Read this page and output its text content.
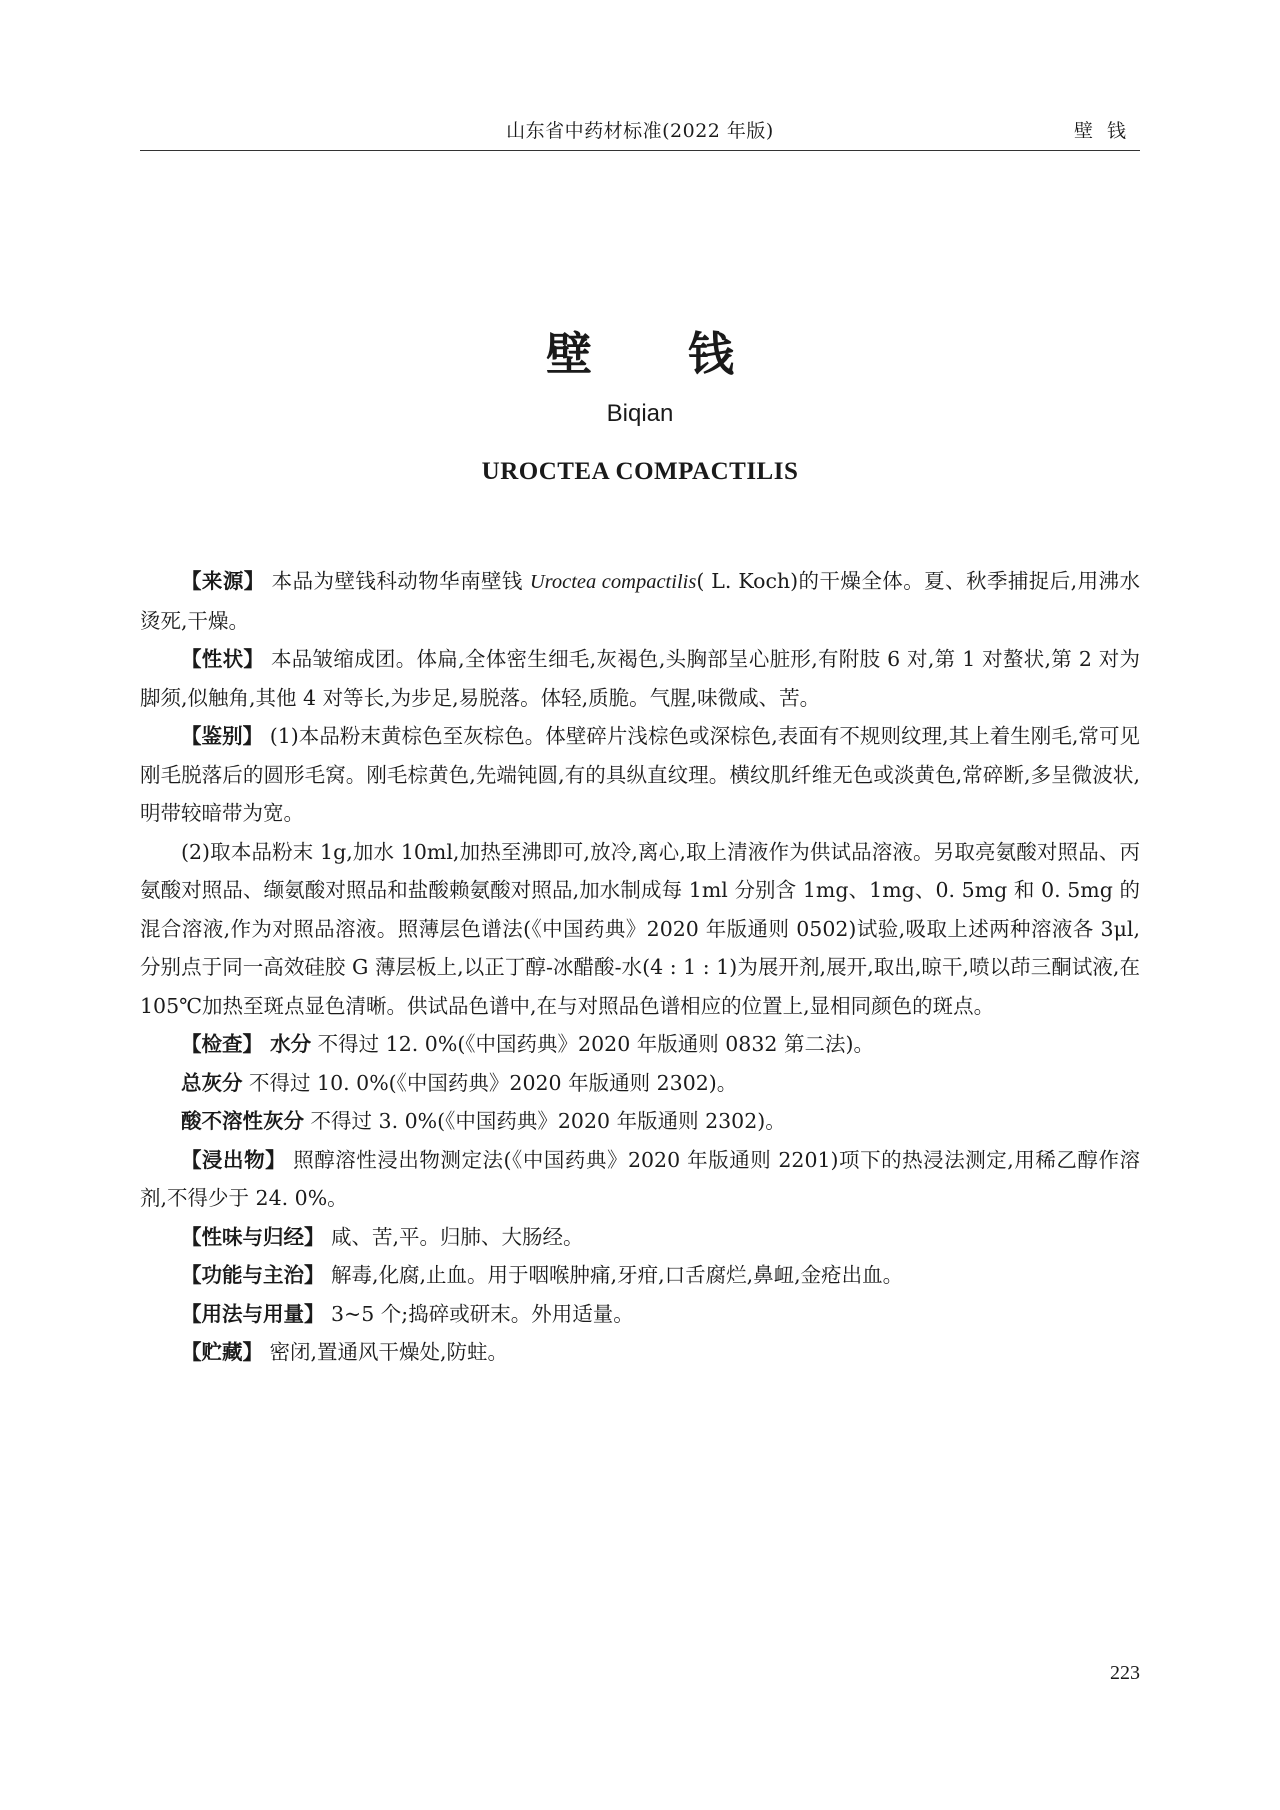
山东省中药材标准(2022 年版)	壁钱
壁 钱
Biqian
UROCTEA COMPACTILIS

【来源】 本品为壁钱科动物华南壁钱 Uroctea compactilis( L. Koch)的干燥全体。夏、秋季捕捉后,用沸水烫死,干燥。

【性状】 本品皱缩成团。体扁,全体密生细毛,灰褐色,头胸部呈心脏形,有附肢 6 对,第 1 对螯状,第 2 对为脚须,似触角,其他 4 对等长,为步足,易脱落。体轻,质脆。气腥,味微咸、苦。

【鉴别】 (1)本品粉末黄棕色至灰棕色。体壁碎片浅棕色或深棕色,表面有不规则纹理,其上着生刚毛,常可见刚毛脱落后的圆形毛窝。刚毛棕黄色,先端钝圆,有的具纵直纹理。横纹肌纤维无色或淡黄色,常碎断,多呈微波状,明带较暗带为宽。

(2)取本品粉末 1g,加水 10ml,加热至沸即可,放冷,离心,取上清液作为供试品溶液。另取亮氨酸对照品、丙氨酸对照品、缬氨酸对照品和盐酸赖氨酸对照品,加水制成每 1ml 分别含 1mg、1mg、0. 5mg 和 0. 5mg 的混合溶液,作为对照品溶液。照薄层色谱法(《中国药典》2020 年版通则 0502)试验,吸取上述两种溶液各 3μl,分别点于同一高效硅胶 G 薄层板上,以正丁醇-冰醋酸-水(4 : 1 : 1)为展开剂,展开,取出,晾干,喷以茚三酮试液,在 105℃加热至斑点显色清晰。供试品色谱中,在与对照品色谱相应的位置上,显相同颜色的斑点。

【检查】 水分 不得过 12. 0%(《中国药典》2020 年版通则 0832 第二法)。

总灰分 不得过 10. 0%(《中国药典》2020 年版通则 2302)。

酸不溶性灰分 不得过 3. 0%(《中国药典》2020 年版通则 2302)。

【浸出物】 照醇溶性浸出物测定法(《中国药典》2020 年版通则 2201)项下的热浸法测定,用稀乙醇作溶剂,不得少于 24. 0%。

【性味与归经】 咸、苦,平。归肺、大肠经。

【功能与主治】 解毒,化腐,止血。用于咽喉肿痛,牙疳,口舌腐烂,鼻衄,金疮出血。

【用法与用量】 3~5 个;捣碎或研末。外用适量。

【贮藏】 密闭,置通风干燥处,防蛀。

223
